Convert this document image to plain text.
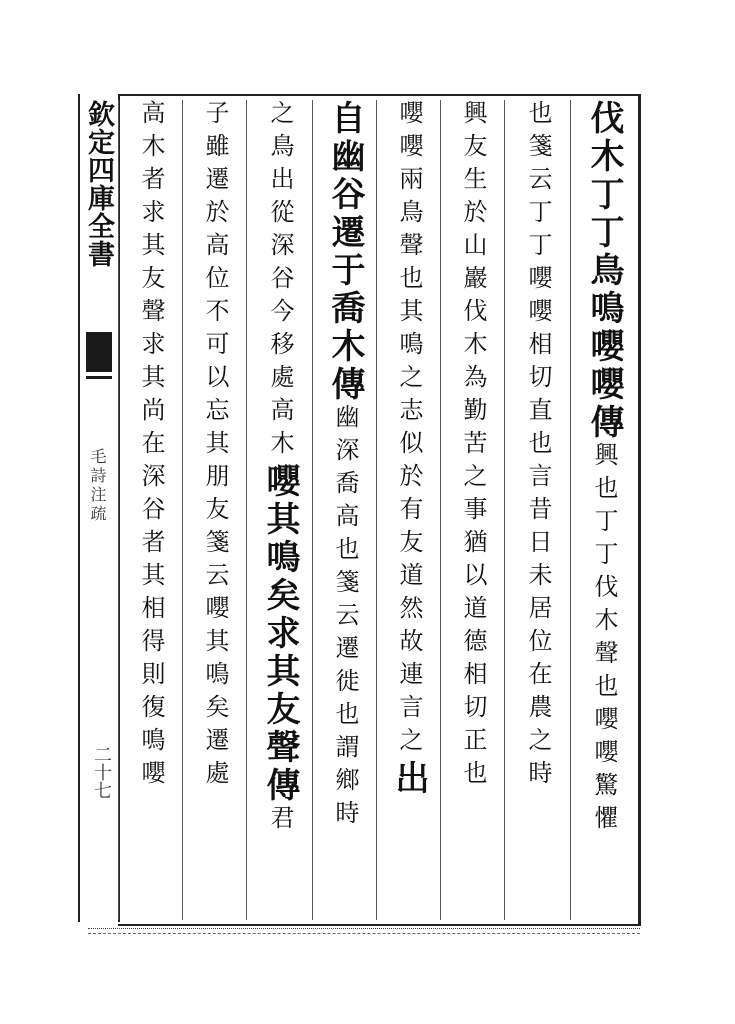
欽定四庫全書
毛詩注疏
二十七
伐木丁丁鳥鳴嚶嚶傳
興也丁丁伐木聲也嚶嚶驚懼
也箋云丁丁嚶嚶相切直也言昔日未居位在農之時
興友生於山巖伐木為勤苦之事猶以道德相切正也
嚶嚶兩鳥聲也其鳴之志似於有友道然故連言之
出
自幽谷遷于喬木傳
幽深喬高也箋云遷徙也謂鄉時
之鳥出從深谷今移處高木
嚶其鳴矣求其友聲傳
君
子雖遷於高位不可以忘其朋友箋云嚶其鳴矣遷處
高木者求其友聲求其尚在深谷者其相得則復鳴嚶
